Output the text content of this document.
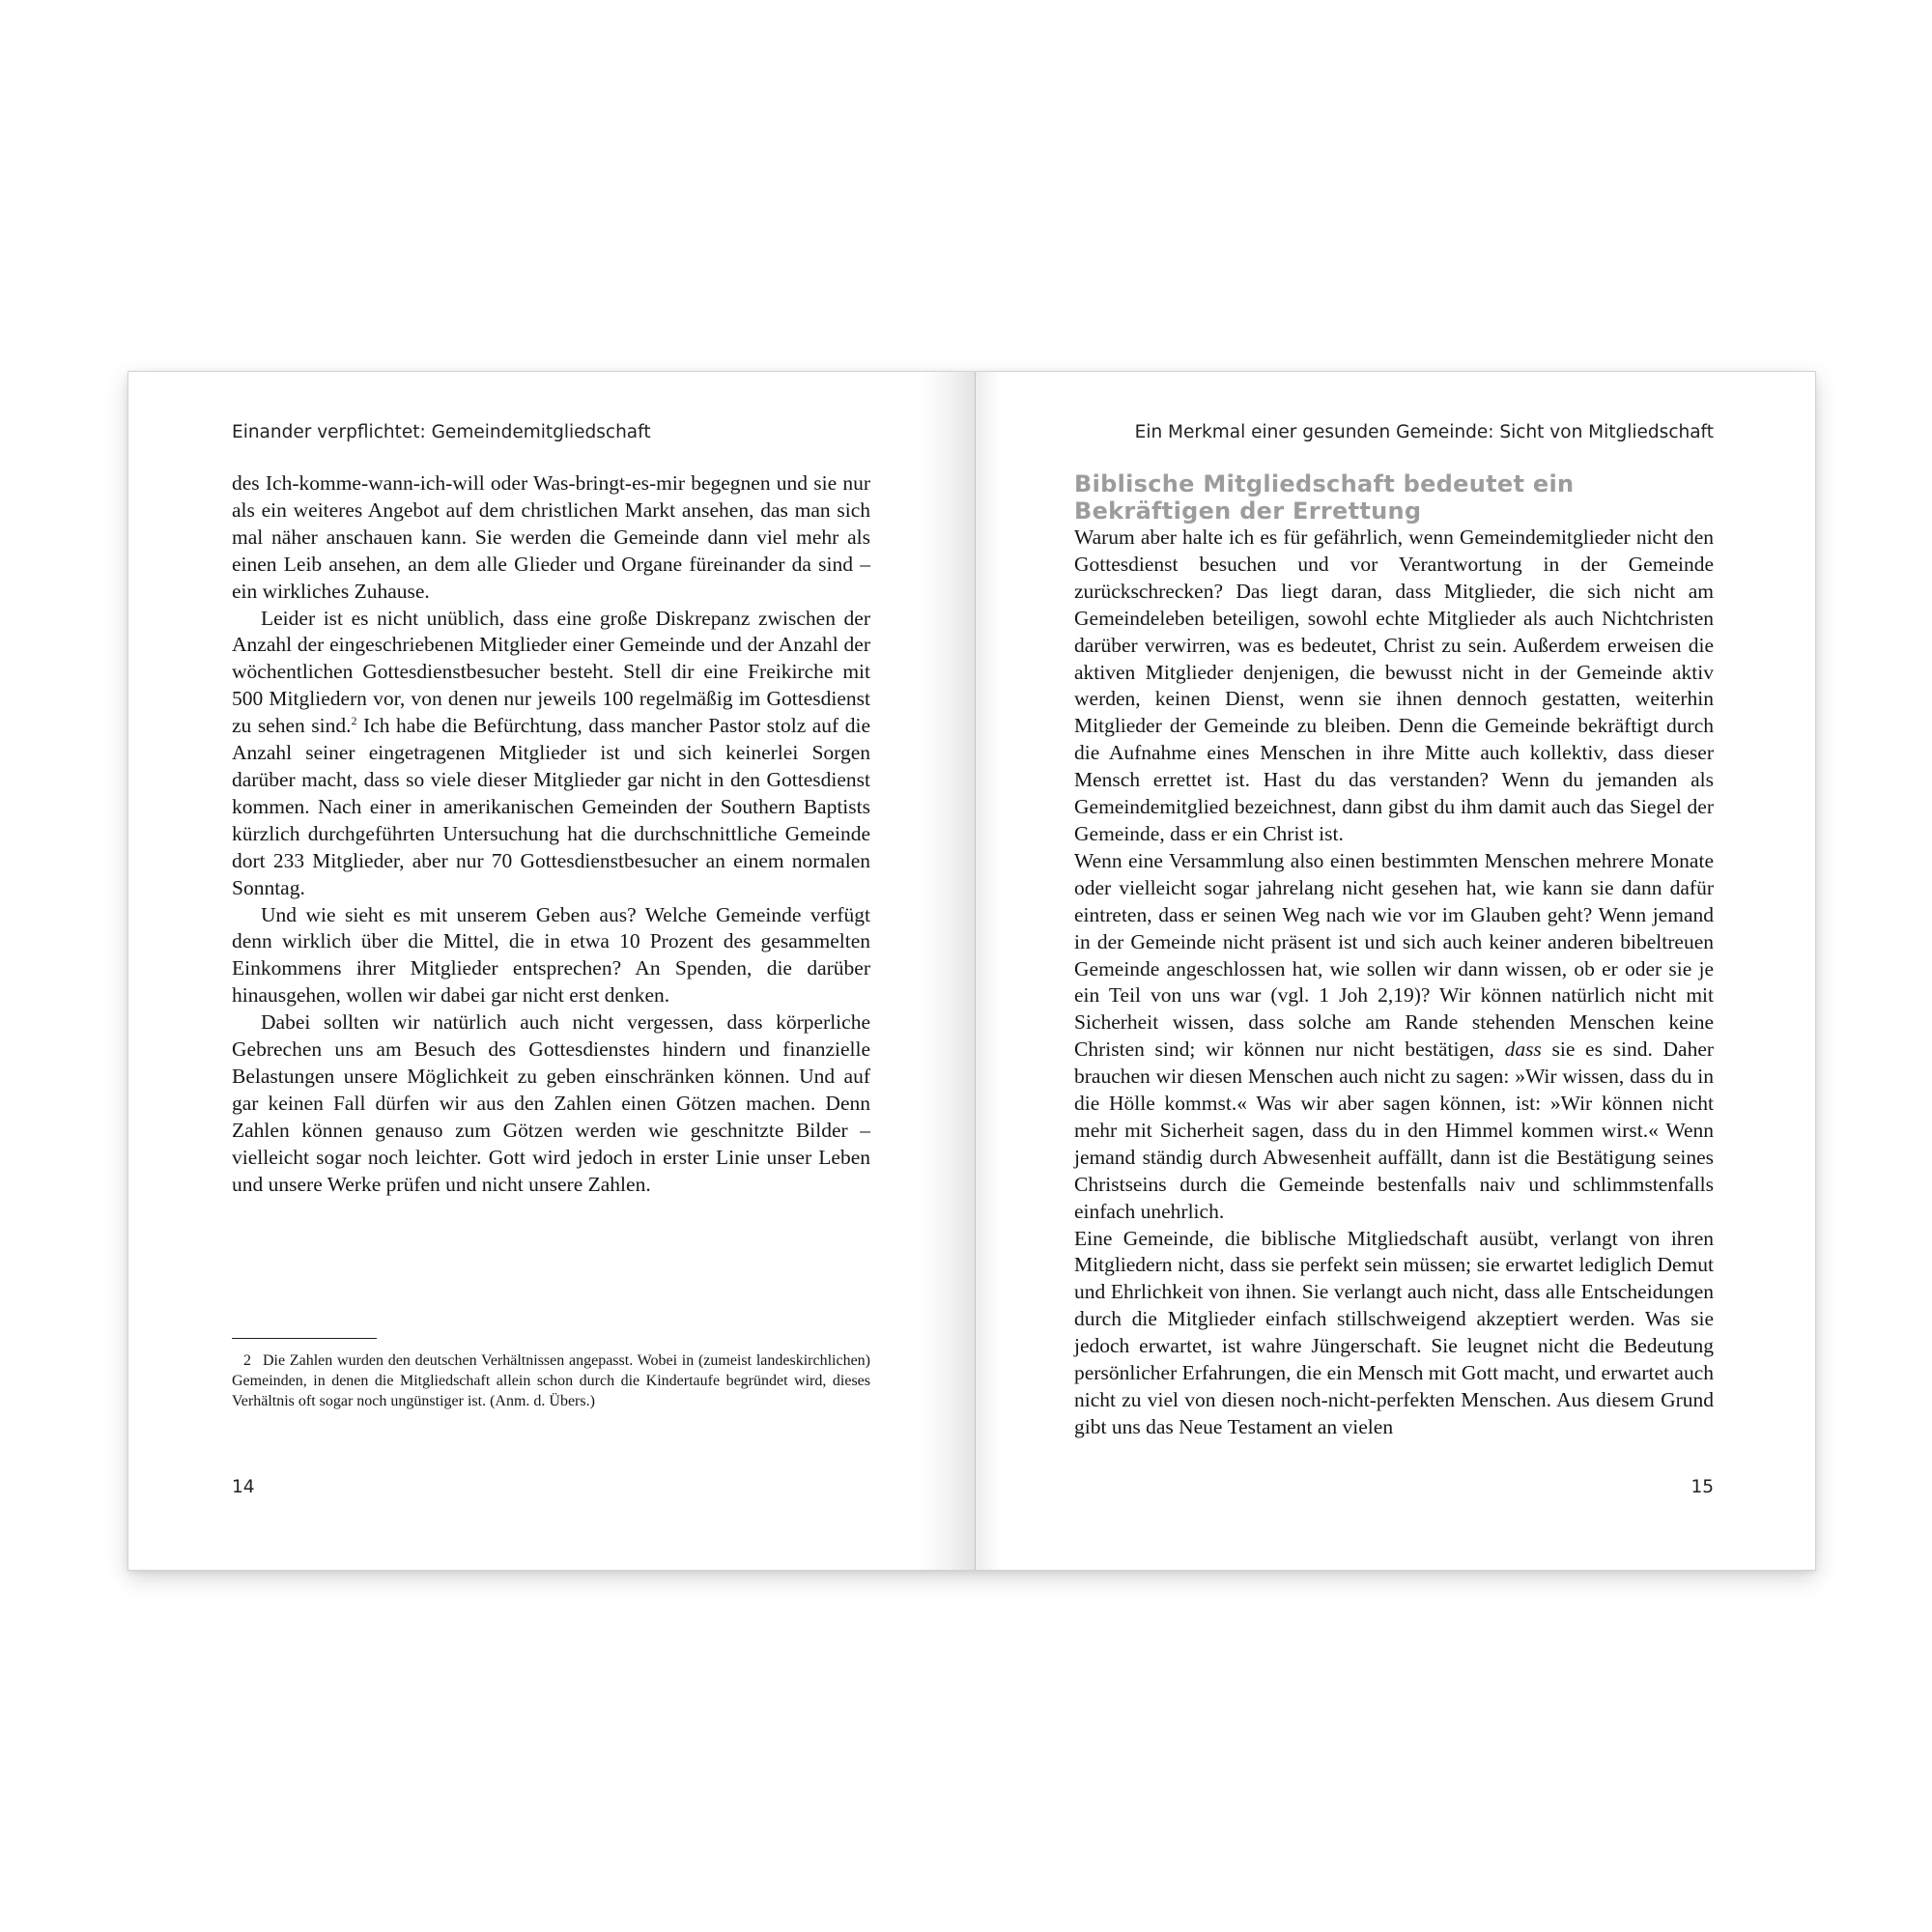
Einander verpflichtet: Gemeindemitgliedschaft

des Ich-komme-wann-ich-will oder Was-bringt-es-mir begegnen und sie nur als ein weiteres Angebot auf dem christlichen Markt ansehen, das man sich mal näher anschauen kann. Sie werden die Gemeinde dann viel mehr als einen Leib ansehen, an dem alle Glieder und Organe füreinander da sind – ein wirkliches Zuhause.

Leider ist es nicht unüblich, dass eine große Diskrepanz zwischen der Anzahl der eingeschriebenen Mitglieder einer Gemeinde und der Anzahl der wöchentlichen Gottesdienstbesucher besteht. Stell dir eine Freikirche mit 500 Mitgliedern vor, von denen nur jeweils 100 regelmäßig im Gottesdienst zu sehen sind.$^2$ Ich habe die Befürchtung, dass mancher Pastor stolz auf die Anzahl seiner eingetragenen Mitglieder ist und sich keinerlei Sorgen darüber macht, dass so viele dieser Mitglieder gar nicht in den Gottesdienst kommen. Nach einer in amerikanischen Gemeinden der Southern Baptists kürzlich durchgeführten Untersuchung hat die durchschnittliche Gemeinde dort 233 Mitglieder, aber nur 70 Gottesdienstbesucher an einem normalen Sonntag.

Und wie sieht es mit unserem Geben aus? Welche Gemeinde verfügt denn wirklich über die Mittel, die in etwa 10 Prozent des gesammelten Einkommens ihrer Mitglieder entsprechen? An Spenden, die darüber hinausgehen, wollen wir dabei gar nicht erst denken.

Dabei sollten wir natürlich auch nicht vergessen, dass körperliche Gebrechen uns am Besuch des Gottesdienstes hindern und finanzielle Belastungen unsere Möglichkeit zu geben einschränken können. Und auf gar keinen Fall dürfen wir aus den Zahlen einen Götzen machen. Denn Zahlen können genauso zum Götzen werden wie geschnitzte Bilder – vielleicht sogar noch leichter. Gott wird jedoch in erster Linie unser Leben und unsere Werke prüfen und nicht unsere Zahlen.

2 Die Zahlen wurden den deutschen Verhältnissen angepasst. Wobei in (zumeist landeskirchlichen) Gemeinden, in denen die Mitgliedschaft allein schon durch die Kindertaufe begründet wird, dieses Verhältnis oft sogar noch ungünstiger ist. (Anm. d. Übers.)
14
Ein Merkmal einer gesunden Gemeinde: Sicht von Mitgliedschaft
Biblische Mitgliedschaft bedeutet ein
Bekräftigen der Errettung

Warum aber halte ich es für gefährlich, wenn Gemeindemitglieder nicht den Gottesdienst besuchen und vor Verantwortung in der Gemeinde zurückschrecken? Das liegt daran, dass Mitglieder, die sich nicht am Gemeindeleben beteiligen, sowohl echte Mitglieder als auch Nichtchristen darüber verwirren, was es bedeutet, Christ zu sein. Außerdem erweisen die aktiven Mitglieder denjenigen, die bewusst nicht in der Gemeinde aktiv werden, keinen Dienst, wenn sie ihnen dennoch gestatten, weiterhin Mitglieder der Gemeinde zu bleiben. Denn die Gemeinde bekräftigt durch die Aufnahme eines Menschen in ihre Mitte auch kollektiv, dass dieser Mensch errettet ist. Hast du das verstanden? Wenn du jemanden als Gemeindemitglied bezeichnest, dann gibst du ihm damit auch das Siegel der Gemeinde, dass er ein Christ ist.

Wenn eine Versammlung also einen bestimmten Menschen mehrere Monate oder vielleicht sogar jahrelang nicht gesehen hat, wie kann sie dann dafür eintreten, dass er seinen Weg nach wie vor im Glauben geht? Wenn jemand in der Gemeinde nicht präsent ist und sich auch keiner anderen bibeltreuen Gemeinde angeschlossen hat, wie sollen wir dann wissen, ob er oder sie je ein Teil von uns war (vgl. 1 Joh 2,19)? Wir können natürlich nicht mit Sicherheit wissen, dass solche am Rande stehenden Menschen keine Christen sind; wir können nur nicht bestätigen, dass sie es sind. Daher brauchen wir diesen Menschen auch nicht zu sagen: »Wir wissen, dass du in die Hölle kommst.« Was wir aber sagen können, ist: »Wir können nicht mehr mit Sicherheit sagen, dass du in den Himmel kommen wirst.« Wenn jemand ständig durch Abwesenheit auffällt, dann ist die Bestätigung seines Christseins durch die Gemeinde bestenfalls naiv und schlimmstenfalls einfach unehrlich.

Eine Gemeinde, die biblische Mitgliedschaft ausübt, verlangt von ihren Mitgliedern nicht, dass sie perfekt sein müssen; sie erwartet lediglich Demut und Ehrlichkeit von ihnen. Sie verlangt auch nicht, dass alle Entscheidungen durch die Mitglieder einfach stillschweigend akzeptiert werden. Was sie jedoch erwartet, ist wahre Jüngerschaft. Sie leugnet nicht die Bedeutung persönlicher Erfahrungen, die ein Mensch mit Gott macht, und erwartet auch nicht zu viel von diesen noch-nicht-perfekten Menschen. Aus diesem Grund gibt uns das Neue Testament an vielen

15
